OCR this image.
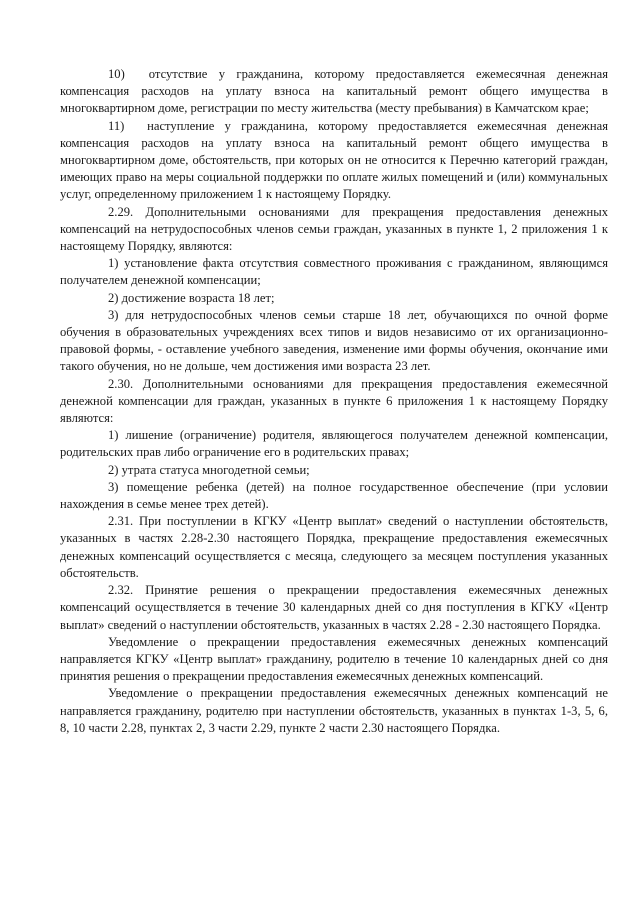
10)  отсутствие у гражданина, которому предоставляется ежемесячная денежная компенсация расходов на уплату взноса на капитальный ремонт общего имущества в многоквартирном доме, регистрации по месту жительства (месту пребывания) в Камчатском крае;

11)  наступление у гражданина, которому предоставляется ежемесячная денежная компенсация расходов на уплату взноса на капитальный ремонт общего имущества в многоквартирном доме, обстоятельств, при которых он не относится к Перечню категорий граждан, имеющих право на меры социальной поддержки по оплате жилых помещений и (или) коммунальных услуг, определенному приложением 1 к настоящему Порядку.

2.29. Дополнительными основаниями для прекращения предоставления денежных компенсаций на нетрудоспособных членов семьи граждан, указанных в пункте 1, 2 приложения 1 к настоящему Порядку, являются:

1) установление факта отсутствия совместного проживания с гражданином, являющимся получателем денежной компенсации;

2) достижение возраста 18 лет;

3) для нетрудоспособных членов семьи старше 18 лет, обучающихся по очной форме обучения в образовательных учреждениях всех типов и видов независимо от их организационно-правовой формы, - оставление учебного заведения, изменение ими формы обучения, окончание ими такого обучения, но не дольше, чем достижения ими возраста 23 лет.

2.30. Дополнительными основаниями для прекращения предоставления ежемесячной денежной компенсации для граждан, указанных в пункте 6 приложения 1 к настоящему Порядку являются:

1) лишение (ограничение) родителя, являющегося получателем денежной компенсации, родительских прав либо ограничение его в родительских правах;

2) утрата статуса многодетной семьи;

3) помещение ребенка (детей) на полное государственное обеспечение (при условии нахождения в семье менее трех детей).

2.31. При поступлении в КГКУ «Центр выплат» сведений о наступлении обстоятельств, указанных в частях 2.28-2.30 настоящего Порядка, прекращение предоставления ежемесячных денежных компенсаций осуществляется с месяца, следующего за месяцем поступления указанных обстоятельств.

2.32. Принятие решения о прекращении предоставления ежемесячных денежных компенсаций осуществляется в течение 30 календарных дней со дня поступления в КГКУ «Центр выплат» сведений о наступлении обстоятельств, указанных в частях 2.28 - 2.30 настоящего Порядка.

Уведомление о прекращении предоставления ежемесячных денежных компенсаций направляется КГКУ «Центр выплат» гражданину, родителю в течение 10 календарных дней со дня принятия решения о прекращении предоставления ежемесячных денежных компенсаций.

Уведомление о прекращении предоставления ежемесячных денежных компенсаций не направляется гражданину, родителю при наступлении обстоятельств, указанных в пунктах 1-3, 5, 6, 8, 10 части 2.28, пунктах 2, 3 части 2.29, пункте 2 части 2.30 настоящего Порядка.
